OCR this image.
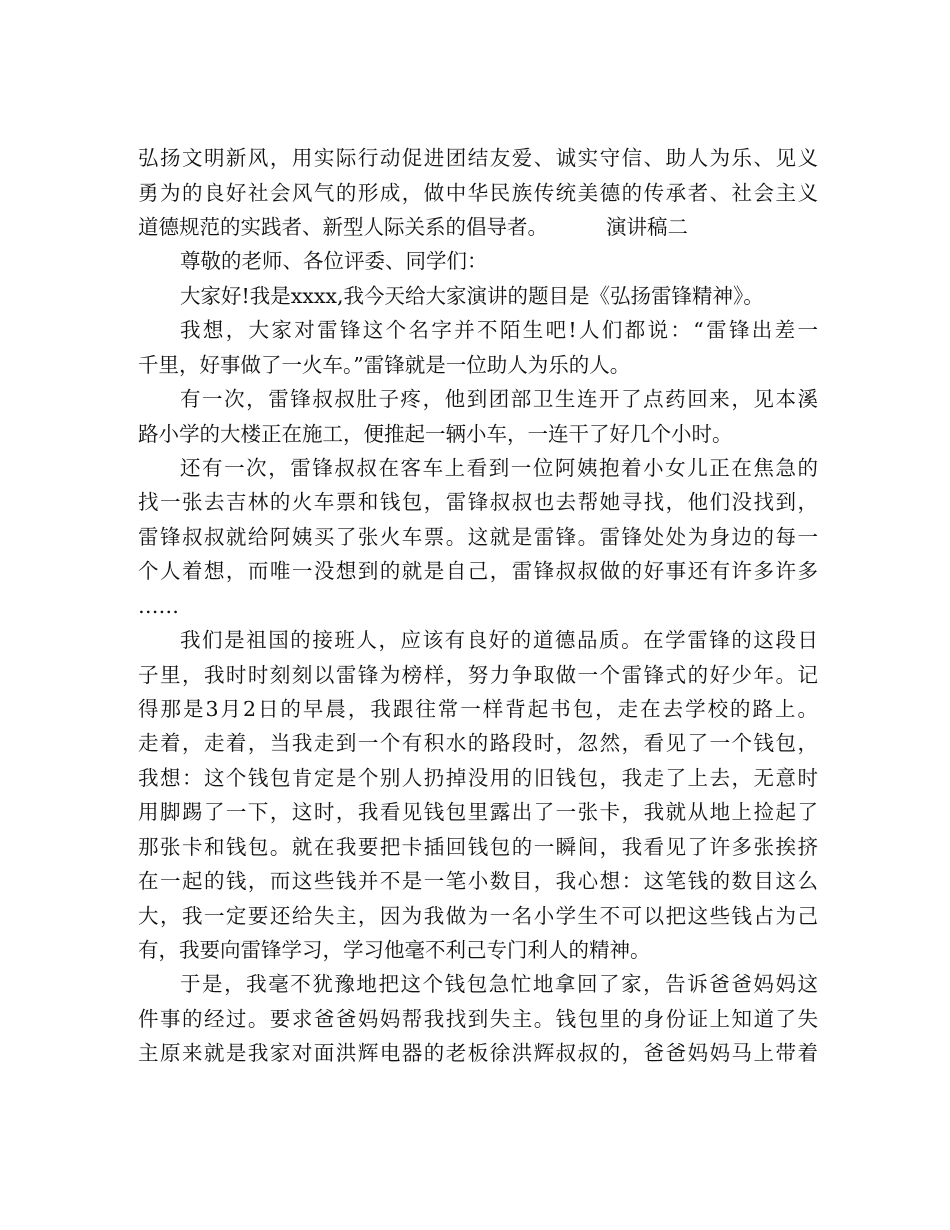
弘扬文明新风，用实际行动促进团结友爱、诚实守信、助人为乐、见义
勇为的良好社会风气的形成，做中华民族传统美德的传承者、社会主义
道德规范的实践者、新型人际关系的倡导者。	演讲稿二
尊敬的老师、各位评委、同学们：
大家好!我是xxxx,我今天给大家演讲的题目是《弘扬雷锋精神》。
我想，大家对雷锋这个名字并不陌生吧!人们都说：“雷锋出差一
千里，好事做了一火车。”雷锋就是一位助人为乐的人。
有一次，雷锋叔叔肚子疼，他到团部卫生连开了点药回来，见本溪
路小学的大楼正在施工，便推起一辆小车，一连干了好几个小时。
还有一次，雷锋叔叔在客车上看到一位阿姨抱着小女儿正在焦急的
找一张去吉林的火车票和钱包，雷锋叔叔也去帮她寻找，他们没找到，
雷锋叔叔就给阿姨买了张火车票。这就是雷锋。雷锋处处为身边的每一
个人着想，而唯一没想到的就是自己，雷锋叔叔做的好事还有许多许多
……
我们是祖国的接班人，应该有良好的道德品质。在学雷锋的这段日
子里，我时时刻刻以雷锋为榜样，努力争取做一个雷锋式的好少年。记
得那是3月2日的早晨，我跟往常一样背起书包，走在去学校的路上。
走着，走着，当我走到一个有积水的路段时，忽然，看见了一个钱包，
我想：这个钱包肯定是个别人扔掉没用的旧钱包，我走了上去，无意时
用脚踢了一下，这时，我看见钱包里露出了一张卡，我就从地上捡起了
那张卡和钱包。就在我要把卡插回钱包的一瞬间，我看见了许多张挨挤
在一起的钱，而这些钱并不是一笔小数目，我心想：这笔钱的数目这么
大，我一定要还给失主，因为我做为一名小学生不可以把这些钱占为己
有，我要向雷锋学习，学习他毫不利己专门利人的精神。
于是，我毫不犹豫地把这个钱包急忙地拿回了家，告诉爸爸妈妈这
件事的经过。要求爸爸妈妈帮我找到失主。钱包里的身份证上知道了失
主原来就是我家对面洪辉电器的老板徐洪辉叔叔的，爸爸妈妈马上带着
